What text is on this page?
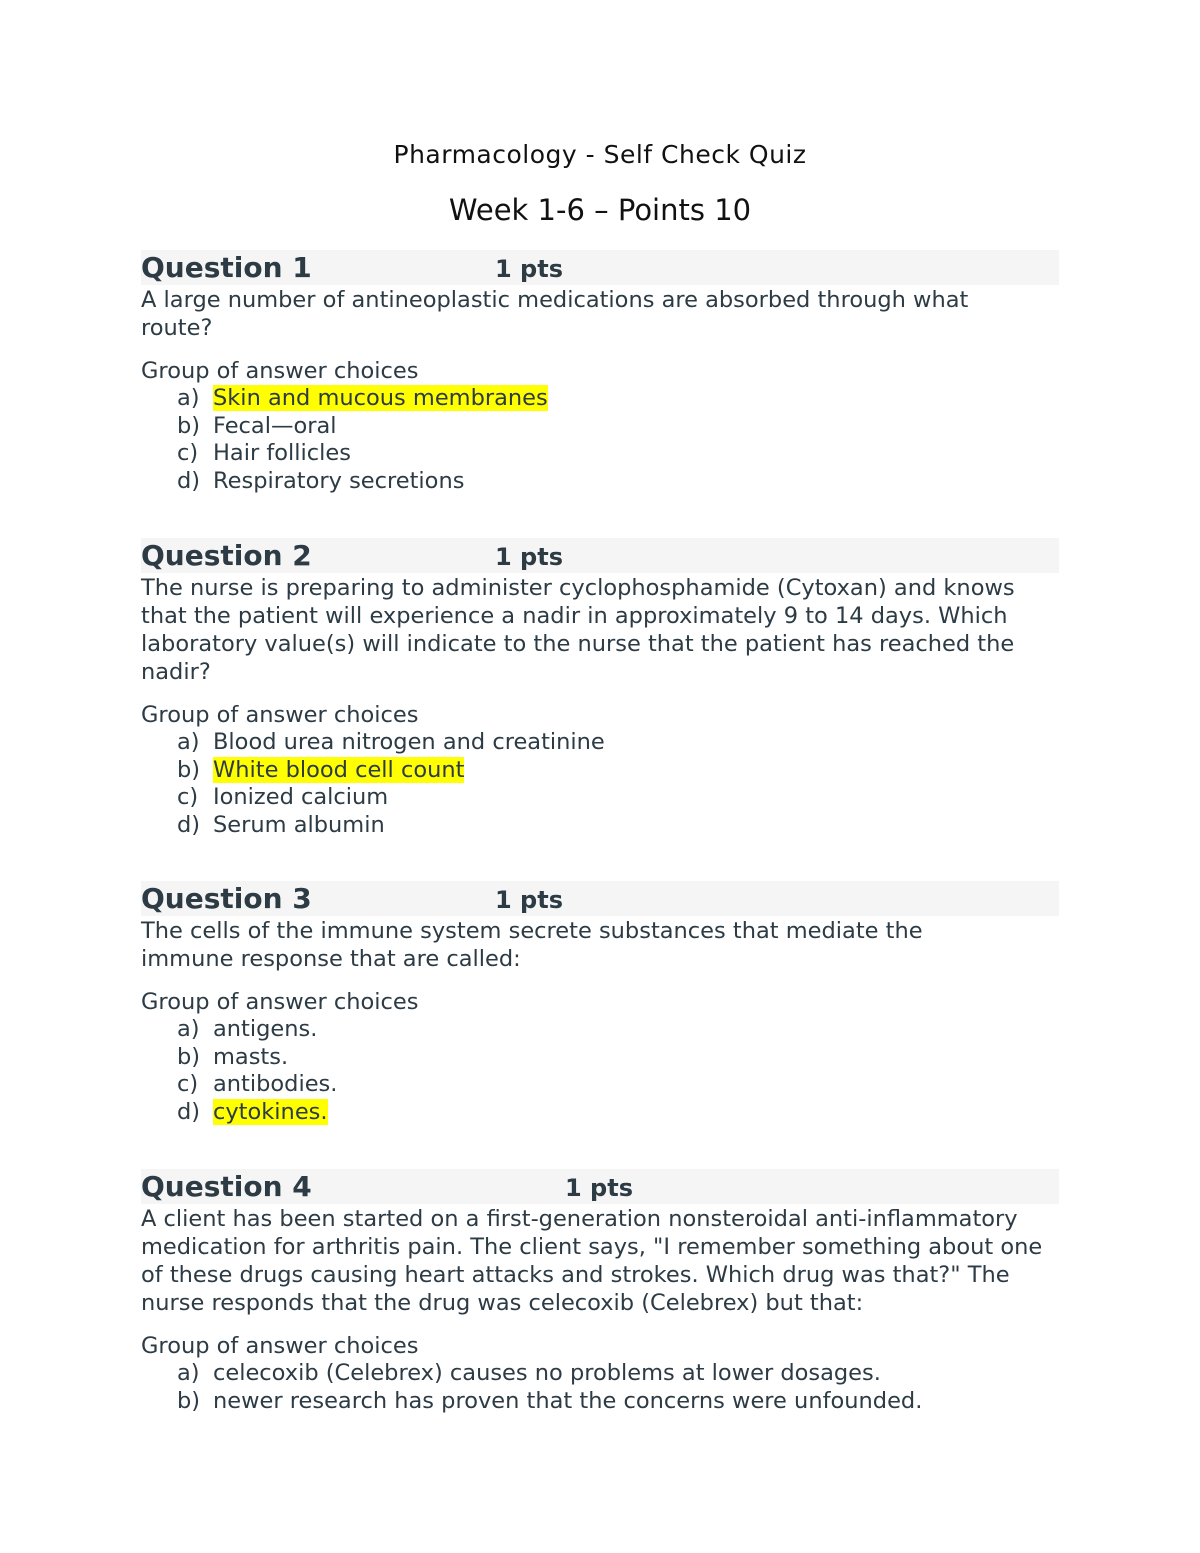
Pharmacology - Self Check Quiz
Week 1-6 – Points 10
Question 1	1 pts

A large number of antineoplastic medications are absorbed through what route?

Group of answer choices
a) Skin and mucous membranes
b) Fecal—oral
c) Hair follicles
d) Respiratory secretions
Question 2	1 pts

The nurse is preparing to administer cyclophosphamide (Cytoxan) and knows that the patient will experience a nadir in approximately 9 to 14 days. Which laboratory value(s) will indicate to the nurse that the patient has reached the nadir?

Group of answer choices
a) Blood urea nitrogen and creatinine
b) White blood cell count
c) Ionized calcium
d) Serum albumin
Question 3	1 pts

The cells of the immune system secrete substances that mediate the immune response that are called:

Group of answer choices
a) antigens.
b) masts.
c) antibodies.
d) cytokines.
Question 4	1 pts

A client has been started on a first-generation nonsteroidal anti-inflammatory medication for arthritis pain. The client says, "I remember something about one of these drugs causing heart attacks and strokes. Which drug was that?" The nurse responds that the drug was celecoxib (Celebrex) but that:

Group of answer choices
a) celecoxib (Celebrex) causes no problems at lower dosages.
b) newer research has proven that the concerns were unfounded.
